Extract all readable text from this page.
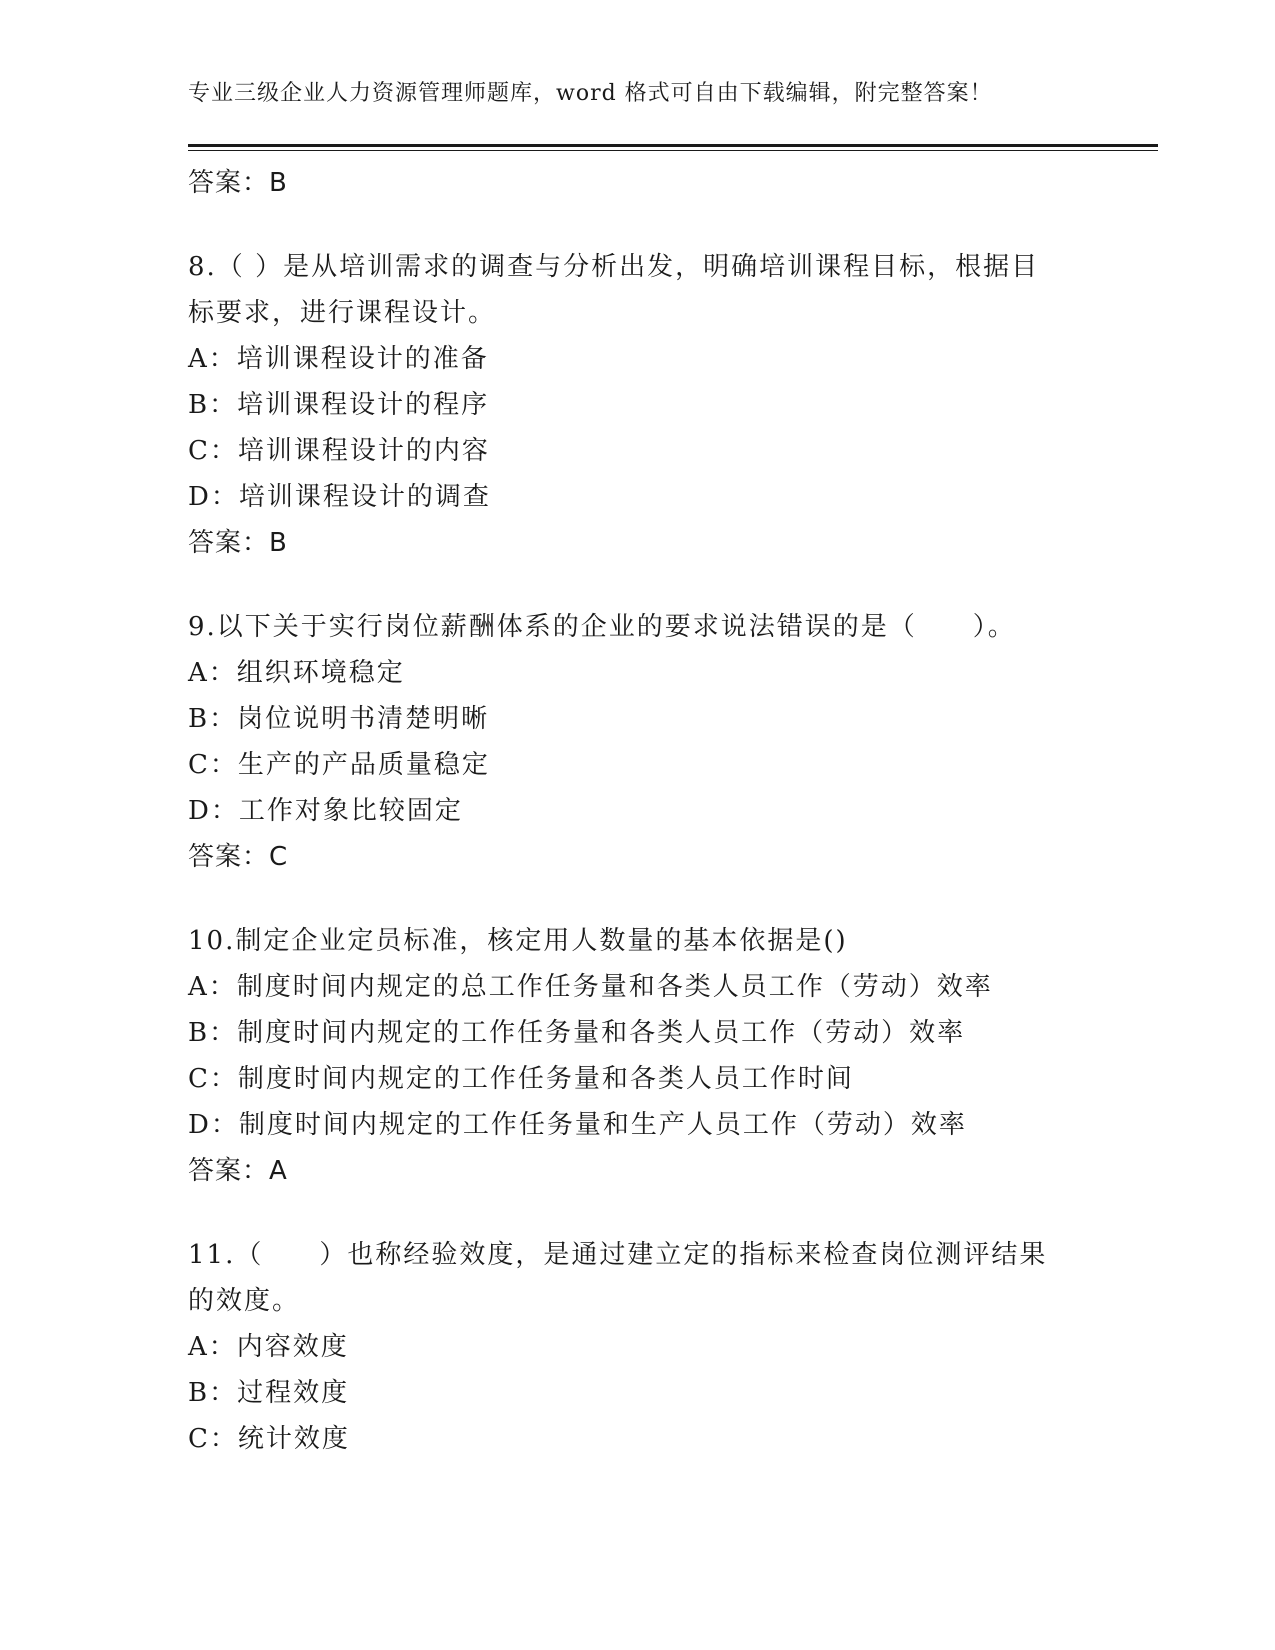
专业三级企业人力资源管理师题库，word 格式可自由下载编辑，附完整答案！
答案：B
8.（ ）是从培训需求的调查与分析出发，明确培训课程目标，根据目
标要求，进行课程设计。
A：培训课程设计的准备
B：培训课程设计的程序
C：培训课程设计的内容
D：培训课程设计的调查
答案：B
9.以下关于实行岗位薪酬体系的企业的要求说法错误的是（　　）。
A：组织环境稳定
B：岗位说明书清楚明晰
C：生产的产品质量稳定
D：工作对象比较固定
答案：C
10.制定企业定员标准，核定用人数量的基本依据是()
A：制度时间内规定的总工作任务量和各类人员工作（劳动）效率
B：制度时间内规定的工作任务量和各类人员工作（劳动）效率
C：制度时间内规定的工作任务量和各类人员工作时间
D：制度时间内规定的工作任务量和生产人员工作（劳动）效率
答案：A
11.（　　）也称经验效度，是通过建立定的指标来检查岗位测评结果
的效度。
A：内容效度
B：过程效度
C：统计效度
